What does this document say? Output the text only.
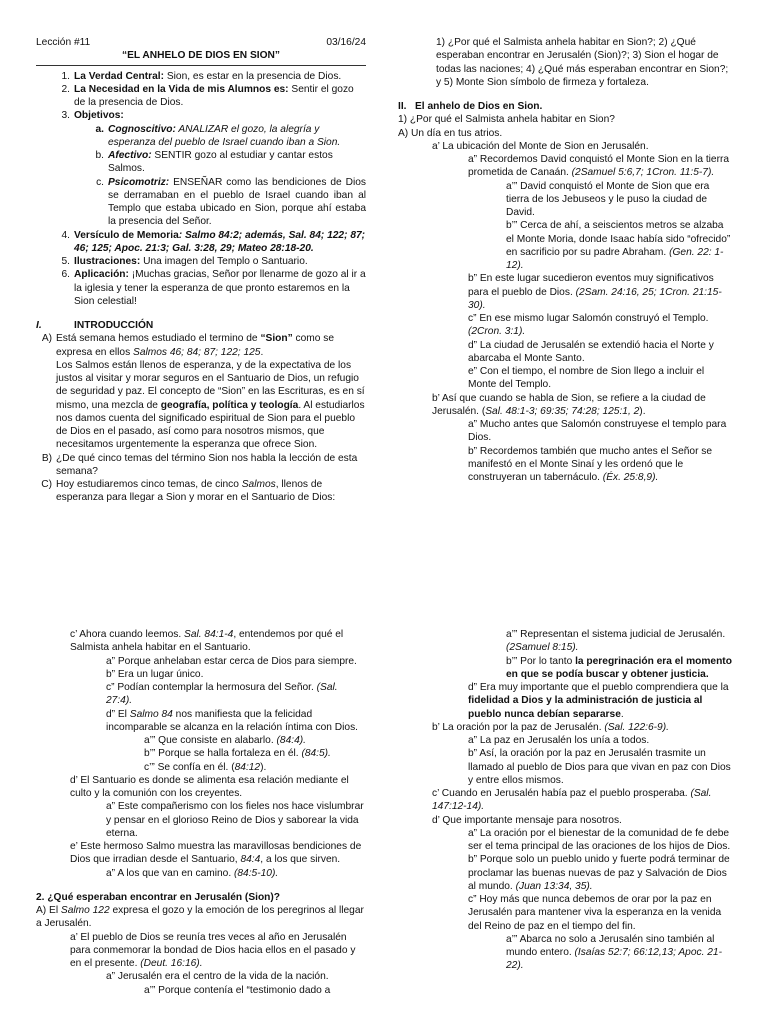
Lección #11	03/16/24
“EL ANHELO DE DIOS EN SION”
1. La Verdad Central: Sion, es estar en la presencia de Dios.
2. La Necesidad en la Vida de mis Alumnos es: Sentir el gozo de la presencia de Dios.
3. Objetivos:
a. Cognoscitivo: ANALIZAR el gozo, la alegría y esperanza del pueblo de Israel cuando iban a Sion.
b. Afectivo: SENTIR gozo al estudiar y cantar estos Salmos.
c. Psicomotriz: ENSEÑAR como las bendiciones de Dios se derramaban en el pueblo de Israel cuando iban al Templo que estaba ubicado en Sion, porque ahí estaba la presencia del Señor.
4. Versículo de Memoria: Salmo 84:2; además, Sal. 84; 122; 87; 46; 125; Apoc. 21:3; Gal. 3:28, 29; Mateo 28:18-20.
5. Ilustraciones: Una imagen del Templo o Santuario.
6. Aplicación: ¡Muchas gracias, Señor por llenarme de gozo al ir a la iglesia y tener la esperanza de que pronto estaremos en la Sion celestial!
I.	INTRODUCCIÓN
A) Está semana hemos estudiado el termino de “Sion” como se expresa en ellos Salmos 46; 84; 87; 122; 125.
Los Salmos están llenos de esperanza, y de la expectativa de los justos al visitar y morar seguros en el Santuario de Dios, un refugio de seguridad y paz. El concepto de “Sion” en las Escrituras, es en sí mismo, una mezcla de geografía, política y teología. Al estudiarlos nos damos cuenta del significado espiritual de Sion para el pueblo de Dios en el pasado, así como para nosotros mismos, que necesitamos urgentemente la esperanza que ofrece Sion.
B) ¿De qué cinco temas del término Sion nos habla la lección de esta semana?
C) Hoy estudiaremos cinco temas, de cinco Salmos, llenos de esperanza para llegar a Sion y morar en el Santuario de Dios:

1) ¿Por qué el Salmista anhela habitar en Sion?; 2) ¿Qué esperaban encontrar en Jerusalén (Sion)?; 3) Sion el hogar de todas las naciones; 4) ¿Qué más esperaban encontrar en Sion?; y 5) Monte Sion símbolo de firmeza y fortaleza.

II. El anhelo de Dios en Sion.

1) ¿Por qué el Salmista anhela habitar en Sion?

A) Un día en tus atrios.

a’ La ubicación del Monte de Sion en Jerusalén.

a” Recordemos David conquistó el Monte Sion en la tierra prometida de Canaán. (2Samuel 5:6,7; 1Cron. 11:5-7).

a’” David conquistó el Monte de Sion que era tierra de los Jebuseos y le puso la ciudad de David.

b’” Cerca de ahí, a seiscientos metros se alzaba el Monte Moria, donde Isaac había sido “ofrecido” en sacrificio por su padre Abraham. (Gen. 22: 1-12).

b” En este lugar sucedieron eventos muy significativos para el pueblo de Dios. (2Sam. 24:16, 25; 1Cron. 21:15-30).

c” En ese mismo lugar Salomón construyó el Templo. (2Cron. 3:1).

d” La ciudad de Jerusalén se extendió hacia el Norte y abarcaba el Monte Santo.

e” Con el tiempo, el nombre de Sion llego a incluir el Monte del Templo.

b’ Así que cuando se habla de Sion, se refiere a la ciudad de Jerusalén. (Sal. 48:1-3; 69:35; 74:28; 125:1, 2).

a” Mucho antes que Salomón construyese el templo para Dios.

b” Recordemos también que mucho antes el Señor se manifestó en el Monte Sinaí y les ordenó que le construyeran un tabernáculo. (Éx. 25:8,9).

c’ Ahora cuando leemos. Sal. 84:1-4, entendemos por qué el Salmista anhela habitar en el Santuario.

a” Porque anhelaban estar cerca de Dios para siempre.

b” Era un lugar único.

c” Podían contemplar la hermosura del Señor. (Sal. 27:4).

d” El Salmo 84 nos manifiesta que la felicidad incomparable se alcanza en la relación íntima con Dios.

a’” Que consiste en alabarlo. (84:4).

b’” Porque se halla fortaleza en él. (84:5).

c’” Se confía en él. (84:12).

d’ El Santuario es donde se alimenta esa relación mediante el culto y la comunión con los creyentes.

a” Este compañerismo con los fieles nos hace vislumbrar y pensar en el glorioso Reino de Dios y saborear la vida eterna.

e’ Este hermoso Salmo muestra las maravillosas bendiciones de Dios que irradian desde el Santuario, 84:4, a los que sirven.

a” A los que van en camino. (84:5-10).

2. ¿Qué esperaban encontrar en Jerusalén (Sion)?

A) El Salmo 122 expresa el gozo y la emoción de los peregrinos al llegar a Jerusalén.

a’ El pueblo de Dios se reunía tres veces al año en Jerusalén para conmemorar la bondad de Dios hacia ellos en el pasado y en el presente. (Deut. 16:16).

a” Jerusalén era el centro de la vida de la nación.

a’” Porque contenía el “testimonio dado a

a’” Representan el sistema judicial de Jerusalén. (2Samuel 8:15).

b’” Por lo tanto la peregrinación era el momento en que se podía buscar y obtener justicia.

d” Era muy importante que el pueblo comprendiera que la fidelidad a Dios y la administración de justicia al pueblo nunca debían separarse.

b’ La oración por la paz de Jerusalén. (Sal. 122:6-9).

a” La paz en Jerusalén los unía a todos.

b” Así, la oración por la paz en Jerusalén trasmite un llamado al pueblo de Dios para que vivan en paz con Dios y entre ellos mismos.

c’ Cuando en Jerusalén había paz el pueblo prosperaba. (Sal. 147:12-14).

d’ Que importante mensaje para nosotros.

a” La oración por el bienestar de la comunidad de fe debe ser el tema principal de las oraciones de los hijos de Dios.

b” Porque solo un pueblo unido y fuerte podrá terminar de proclamar las buenas nuevas de paz y Salvación de Dios al mundo. (Juan 13:34, 35).

c” Hoy más que nunca debemos de orar por la paz en Jerusalén para mantener viva la esperanza en la venida del Reino de paz en el tiempo del fin.

a’” Abarca no solo a Jerusalén sino también al mundo entero. (Isaías 52:7; 66:12,13; Apoc. 21-22).
